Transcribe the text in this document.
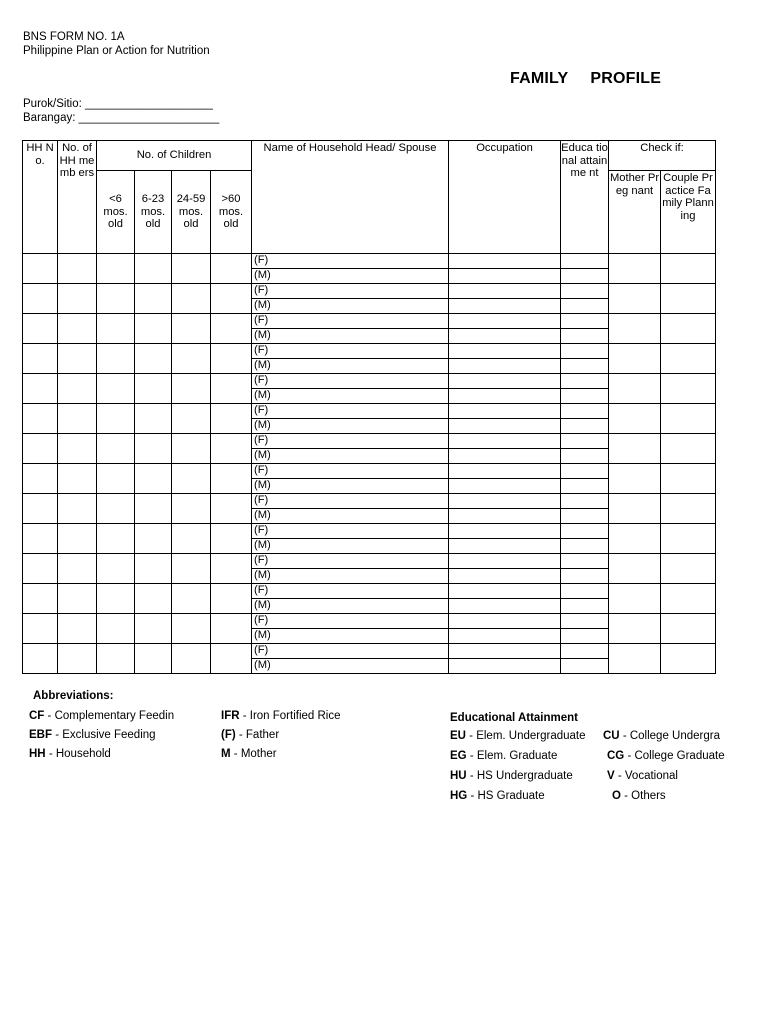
BNS FORM NO. 1A
Philippine Plan or Action for Nutrition
FAMILY PROFILE
Purok/Sitio: ____________________
Barangay: ______________________
HH No.	No. of HH memb ers	No. of Children				Name of Household Head/ Spouse	Occupation	Educa tional attainme nt	Check if:	

		<6 mos. old	6-23 mos. old	24-59 mos. old	>60 mos. old				Mother Preg nant	Couple Practice Family Planning

						(F)				
						(M)				
						(F)				
						(M)				
						(F)				
						(M)				
						(F)				
						(M)				
						(F)				
						(M)				
						(F)				
						(M)				
						(F)				
						(M)				
						(F)				
						(M)				
						(F)				
						(M)				
						(F)				
						(M)				
						(F)				
						(M)				
						(F)				
						(M)				
						(F)				
						(M)				
						(F)				
						(M)				
Abbreviations:
CF - Complementary Feedin
EBF - Exclusive Feeding
HH - Household
IFR - Iron Fortified Rice
(F) - Father
M - Mother
Educational Attainment
EU - Elem. Undergraduate
EG - Elem. Graduate
HU - HS Undergraduate
HG - HS Graduate
CU - College Undergra
CG - College Graduate
V - Vocational
O - Others
